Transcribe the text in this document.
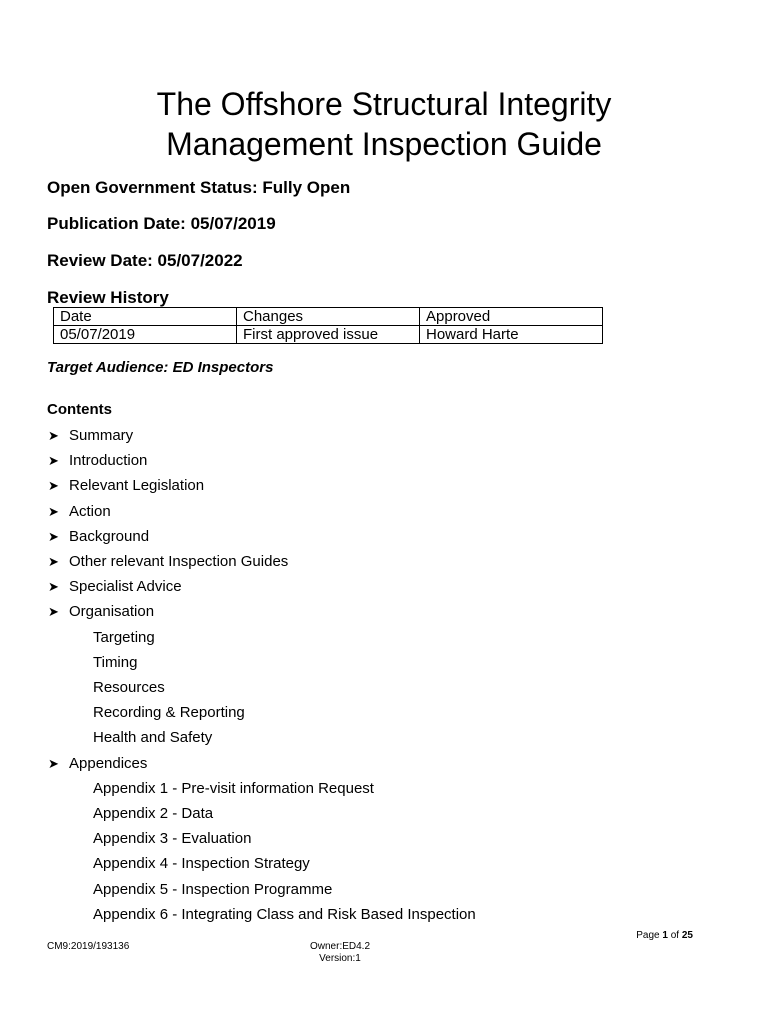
The Offshore Structural Integrity
Management Inspection Guide
Open Government Status: Fully Open
Publication Date: 05/07/2019
Review Date: 05/07/2022
Review History
Date	Changes	Approved
05/07/2019	First approved issue	Howard Harte
Target Audience: ED Inspectors
Contents
➤ Summary
➤ Introduction
➤ Relevant Legislation
➤ Action
➤ Background
➤ Other relevant Inspection Guides
➤ Specialist Advice
➤ Organisation
Targeting
Timing
Resources
Recording & Reporting
Health and Safety
➤ Appendices
Appendix 1 - Pre-visit information Request
Appendix 2 - Data
Appendix 3 - Evaluation
Appendix 4 - Inspection Strategy
Appendix 5 - Inspection Programme
Appendix 6 - Integrating Class and Risk Based Inspection
CM9:2019/193136	Owner:ED4.2
Version:1
Page 1 of 25
